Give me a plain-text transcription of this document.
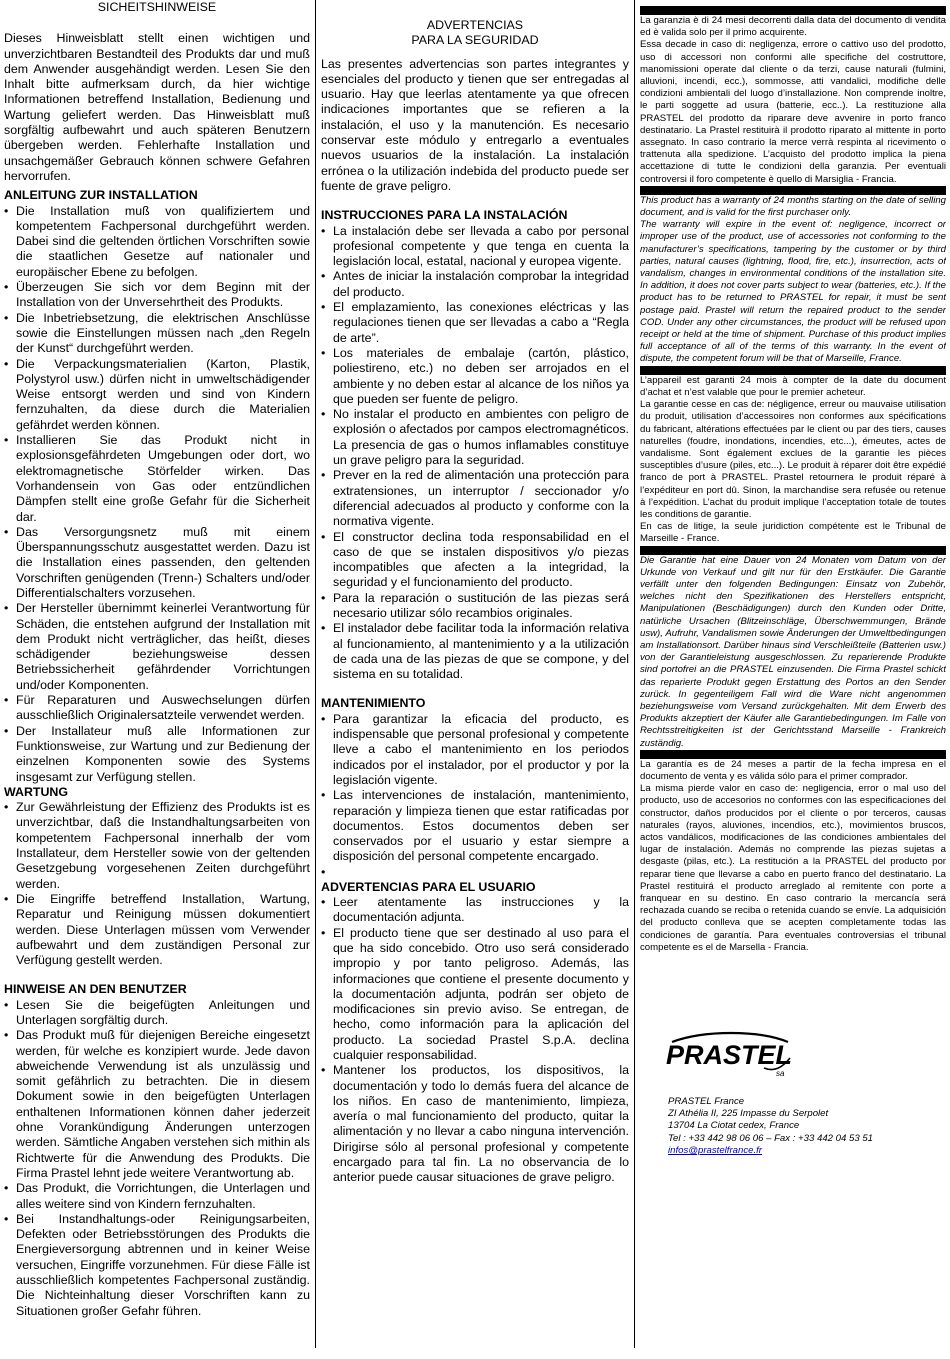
SICHEITSHINWEISE

Dieses Hinweisblatt stellt einen wichtigen und unverzichtbaren Bestandteil des Produkts dar und muß dem Anwender ausgehändigt werden. Lesen Sie den Inhalt bitte aufmerksam durch, da hier wichtige Informationen betreffend Installation, Bedienung und Wartung geliefert werden. Das Hinweisblatt muß sorgfältig aufbewahrt und auch späteren Benutzern übergeben werden. Fehlerhafte Installation und unsachgemäßer Gebrauch können schwere Gefahren hervorrufen.

ANLEITUNG ZUR INSTALLATION
• Die Installation muß von qualifiziertem und kompetentem Fachpersonal durchgeführt werden. Dabei sind die geltenden örtlichen Vorschriften sowie die staatlichen Gesetze auf nationaler und europäischer Ebene zu befolgen.
• Überzeugen Sie sich vor dem Beginn mit der Installation von der Unversehrtheit des Produkts.
• Die Inbetriebsetzung, die elektrischen Anschlüsse sowie die Einstellungen müssen nach „den Regeln der Kunst“ durchgeführt werden.
• Die Verpackungsmaterialien (Karton, Plastik, Polystyrol usw.) dürfen nicht in umweltschädigender Weise entsorgt werden und sind von Kindern fernzuhalten, da diese durch die Materialien gefährdet werden können.
• Installieren Sie das Produkt nicht in explosionsgefährdeten Umgebungen oder dort, wo elektromagnetische Störfelder wirken. Das Vorhandensein von Gas oder entzündlichen Dämpfen stellt eine große Gefahr für die Sicherheit dar.
• Das Versorgungsnetz muß mit einem Überspannungsschutz ausgestattet werden. Dazu ist die Installation eines passenden, den geltenden Vorschriften genügenden (Trenn-) Schalters und/oder Differentialschalters vorzusehen.
• Der Hersteller übernimmt keinerlei Verantwortung für Schäden, die entstehen aufgrund der Installation mit dem Produkt nicht verträglicher, das heißt, dieses schädigender beziehungsweise dessen Betriebssicherheit gefährdender Vorrichtungen und/oder Komponenten.
• Für Reparaturen und Auswechselungen dürfen ausschließlich Originalersatzteile verwendet werden.
• Der Installateur muß alle Informationen zur Funktionsweise, zur Wartung und zur Bedienung der einzelnen Komponenten sowie des Systems insgesamt zur Verfügung stellen.
WARTUNG
• Zur Gewährleistung der Effizienz des Produkts ist es unverzichtbar, daß die Instandhaltungsarbeiten von kompetentem Fachpersonal innerhalb der vom Installateur, dem Hersteller sowie von der geltenden Gesetzgebung vorgesehenen Zeiten durchgeführt werden.
• Die Eingriffe betreffend Installation, Wartung, Reparatur und Reinigung müssen dokumentiert werden. Diese Unterlagen müssen vom Verwender aufbewahrt und dem zuständigen Personal zur Verfügung gestellt werden.
HINWEISE AN DEN BENUTZER
• Lesen Sie die beigefügten Anleitungen und Unterlagen sorgfältig durch.
• Das Produkt muß für diejenigen Bereiche eingesetzt werden, für welche es konzipiert wurde. Jede davon abweichende Verwendung ist als unzulässig und somit gefährlich zu betrachten. Die in diesem Dokument sowie in den beigefügten Unterlagen enthaltenen Informationen können daher jederzeit ohne Vorankündigung Änderungen unterzogen werden. Sämtliche Angaben verstehen sich mithin als Richtwerte für die Anwendung des Produkts. Die Firma Prastel lehnt jede weitere Verantwortung ab.
• Das Produkt, die Vorrichtungen, die Unterlagen und alles weitere sind von Kindern fernzuhalten.
• Bei Instandhaltungs-oder Reinigungsarbeiten, Defekten oder Betriebsstörungen des Produkts die Energieversorgung abtrennen und in keiner Weise versuchen, Eingriffe vorzunehmen. Für diese Fälle ist ausschließlich kompetentes Fachpersonal zuständig. Die Nichteinhaltung dieser Vorschriften kann zu Situationen großer Gefahr führen.

ADVERTENCIAS

PARA LA SEGURIDAD

Las presentes advertencias son partes integrantes y esenciales del producto y tienen que ser entregadas al usuario. Hay que leerlas atentamente ya que ofrecen indicaciones importantes que se refieren a la instalación, el uso y la manutención. Es necesario conservar este módulo y entregarlo a eventuales nuevos usuarios de la instalación. La instalación errónea o la utilización indebida del producto puede ser fuente de grave peligro.

INSTRUCCIONES PARA LA INSTALACIÓN
• La instalación debe ser llevada a cabo por personal profesional competente y que tenga en cuenta la legislación local, estatal, nacional y europea vigente.
• Antes de iniciar la instalación comprobar la integridad del producto.
• El emplazamiento, las conexiones eléctricas y las regulaciones tienen que ser llevadas a cabo a “Regla de arte”.
• Los materiales de embalaje (cartón, plástico, poliestireno, etc.) no deben ser arrojados en el ambiente y no deben estar al alcance de los niños ya que pueden ser fuente de peligro.
• No instalar el producto en ambientes con peligro de explosión o afectados por campos electromagnéticos. La presencia de gas o humos inflamables constituye un grave peligro para la seguridad.
• Prever en la red de alimentación una protección para extratensiones, un interruptor / seccionador y/o diferencial adecuados al producto y conforme con la normativa vigente.
• El constructor declina toda responsabilidad en el caso de que se instalen dispositivos y/o piezas incompatibles que afecten a la integridad, la seguridad y el funcionamiento del producto.
• Para la reparación o sustitución de las piezas será necesario utilizar sólo recambios originales.
• El instalador debe facilitar toda la información relativa al funcionamiento, al mantenimiento y a la utilización de cada una de las piezas de que se compone, y del sistema en su totalidad.
MANTENIMIENTO
• Para garantizar la eficacia del producto, es indispensable que personal profesional y competente lleve a cabo el mantenimiento en los periodos indicados por el instalador, por el productor y por la legislación vigente.
• Las intervenciones de instalación, mantenimiento, reparación y limpieza tienen que estar ratificadas por documentos. Estos documentos deben ser conservados por el usuario y estar siempre a disposición del personal competente encargado.
•
ADVERTENCIAS PARA EL USUARIO
• Leer atentamente las instrucciones y la documentación adjunta.
• El producto tiene que ser destinado al uso para el que ha sido concebido. Otro uso será considerado impropio y por tanto peligroso. Además, las informaciones que contiene el presente documento y la documentación adjunta, podrán ser objeto de modificaciones sin previo aviso. Se entregan, de hecho, como información para la aplicación del producto. La sociedad Prastel S.p.A. declina cualquier responsabilidad.
• Mantener los productos, los dispositivos, la documentación y todo lo demás fuera del alcance de los niños. En caso de mantenimiento, limpieza, avería o mal funcionamiento del producto, quitar la alimentación y no llevar a cabo ninguna intervención. Dirigirse sólo al personal profesional y competente encargado para tal fin. La no observancia de lo anterior puede causar situaciones de grave peligro.

La garanzia è di 24 mesi decorrenti dalla data del documento di vendita ed è valida solo per il primo acquirente.

Essa decade in caso di: negligenza, errore o cattivo uso del prodotto, uso di accessori non conformi alle specifiche del costruttore, manomissioni operate dal cliente o da terzi, cause naturali (fulmini, alluvioni, incendi, ecc.), sommosse, atti vandalici, modifiche delle condizioni ambientali del luogo d’installazione. Non comprende inoltre, le parti soggette ad usura (batterie, ecc..). La restituzione alla PRASTEL del prodotto da riparare deve avvenire in porto franco destinatario. La Prastel restituirà il prodotto riparato al mittente in porto assegnato. In caso contrario la merce verrà respinta al ricevimento o trattenuta alla spedizione. L’acquisto del prodotto implica la piena accettazione di tutte le condizioni della garanzia. Per eventuali controversi il foro competente è quello di Marsiglia - Francia.

This product has a warranty of 24 months starting on the date of selling document, and is valid for the first purchaser only.

The warranty will expire in the event of: negligence, incorrect or improper use of the product, use of accessories not conforming to the manufacturer’s specifications, tampering by the customer or by third parties, natural causes (lightning, flood, fire, etc.), insurrection, acts of vandalism, changes in environmental conditions of the installation site. In addition, it does not cover parts subject to wear (batteries, etc.). If the product has to be returned to PRASTEL for repair, it must be sent postage paid. Prastel will return the repaired product to the sender COD. Under any other circumstances, the product will be refused upon receipt or held at the time of shipment. Purchase of this product implies full acceptance of all of the terms of this warranty. In the event of dispute, the competent forum will be that of Marseille, France.

L’appareil est garanti 24 mois à compter de la date du document d’achat et n’est valable que pour le premier acheteur.

La garantie cesse en cas de: négligence, erreur ou mauvaise utilisation du produit, utilisation d’accessoires non conformes aux spécifications du fabricant, altérations effectuées par le client ou par des tiers, causes naturelles (foudre, inondations, incendies, etc...), émeutes, actes de vandalisme. Sont également exclues de la garantie les pièces susceptibles d’usure (piles, etc...). Le produit à réparer doit être expédié franco de port à PRASTEL. Prastel retournera le produit réparé à l’expéditeur en port dû. Sinon, la marchandise sera refusée ou retenue à l’expédition. L’achat du produit implique l’acceptation totale de toutes les conditions de garantie.

En cas de litige, la seule juridiction compétente est le Tribunal de Marseille - France.

Die Garantie hat eine Dauer von 24 Monaten vom Datum von der Urkunde von Verkauf und gilt nur für den Erstkäufer. Die Garantie verfällt unter den folgenden Bedingungen: Einsatz von Zubehör, welches nicht den Spezifikationen des Herstellers entspricht, Manipulationen (Beschädigungen) durch den Kunden oder Dritte, natürliche Ursachen (Blitzeinschläge, Überschwemmungen, Brände usw), Aufruhr, Vandalismen sowie Änderungen der Umweltbedingungen am Installationsort. Darüber hinaus sind Verschleißteile (Batterien usw.) von der Garantieleistung ausgeschlossen. Zu reparierende Produkte sind portofrei an die PRASTEL einzusenden. Die Firma Prastel schickt das reparierte Produkt gegen Erstattung des Portos an den Sender zurück. In gegenteiligem Fall wird die Ware nicht angenommen beziehungsweise vom Versand zurückgehalten. Mit dem Erwerb des Produkts akzeptiert der Käufer alle Garantiebedingungen. Im Falle von Rechtsstreitigkeiten ist der Gerichtsstand Marseille - Frankreich zuständig.

La garantía es de 24 meses a partir de la fecha impresa en el documento de venta y es válida sólo para el primer comprador.

La misma pierde valor en caso de: negligencia, error o mal uso del producto, uso de accesorios no conformes con las especificaciones del constructor, daños producidos por el cliente o por terceros, causas naturales (rayos, aluviones, incendios, etc.), movimientos bruscos, actos vandálicos, modificaciones de las condiciones ambientales del lugar de instalación. Además no comprende las piezas sujetas a desgaste (pilas, etc.). La restitución a la PRASTEL del producto por reparar tiene que llevarse a cabo en puerto franco del destinatario. La Prastel restituirá el producto arreglado al remitente con porte a franquear en su destino. En caso contrario la mercancía será rechazada cuando se reciba o retenida cuando se envíe. La adquisición del producto conlleva que se acepten completamente todas las condiciones de garantía. Para eventuales controversias el tribunal competente es el de Marsella - Francia.

PRASTEL
sa
PRASTEL France
ZI Athélia II, 225 Impasse du Serpolet
13704 La Ciotat cedex, France
Tel : +33 442 98 06 06 – Fax : +33 442 04 53 51
infos@prastelfrance.fr
